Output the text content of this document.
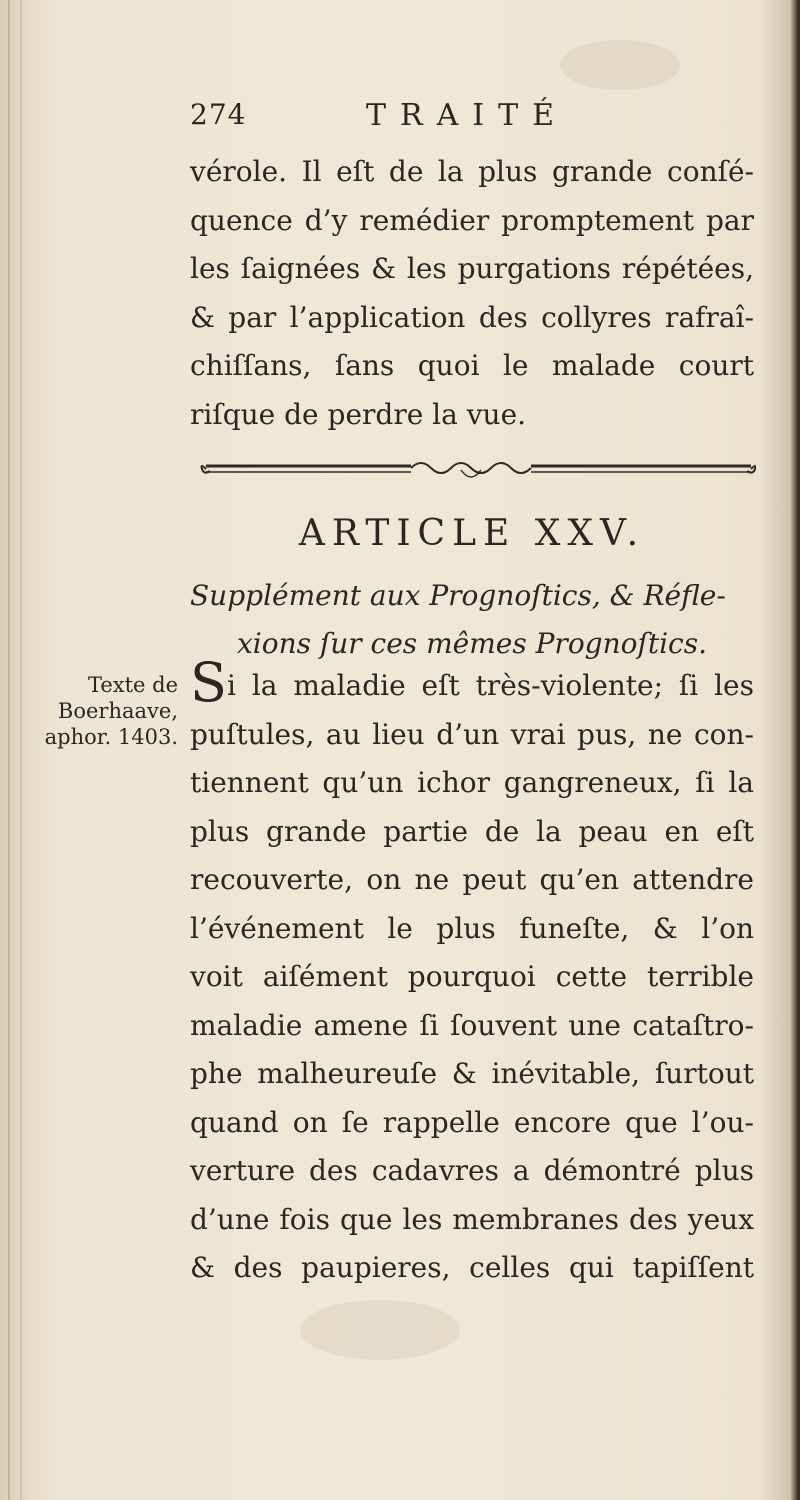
274	TRAITÉ
vérole. Il eſt de la plus grande conſé-
quence d’y remédier promptement par
les ſaignées & les purgations répétées,
& par l’application des collyres rafraî-
chiſſans, ſans quoi le malade court
riſque de perdre la vue.
ARTICLE XXV.
Supplément aux Prognoſtics, & Réfle-
xions ſur ces mêmes Prognoſtics.
Texte de
Boerhaave,
aphor. 1403.
Si la maladie eſt très-violente; ſi les
puſtules, au lieu d’un vrai pus, ne con-
tiennent qu’un ichor gangreneux, ſi la
plus grande partie de la peau en eſt
recouverte, on ne peut qu’en attendre
l’événement le plus funeſte, & l’on
voit aiſément pourquoi cette terrible
maladie amene ſi ſouvent une cataſtro-
phe malheureuſe & inévitable, ſurtout
quand on ſe rappelle encore que l’ou-
verture des cadavres a démontré plus
d’une fois que les membranes des yeux
& des paupieres, celles qui tapiſſent
